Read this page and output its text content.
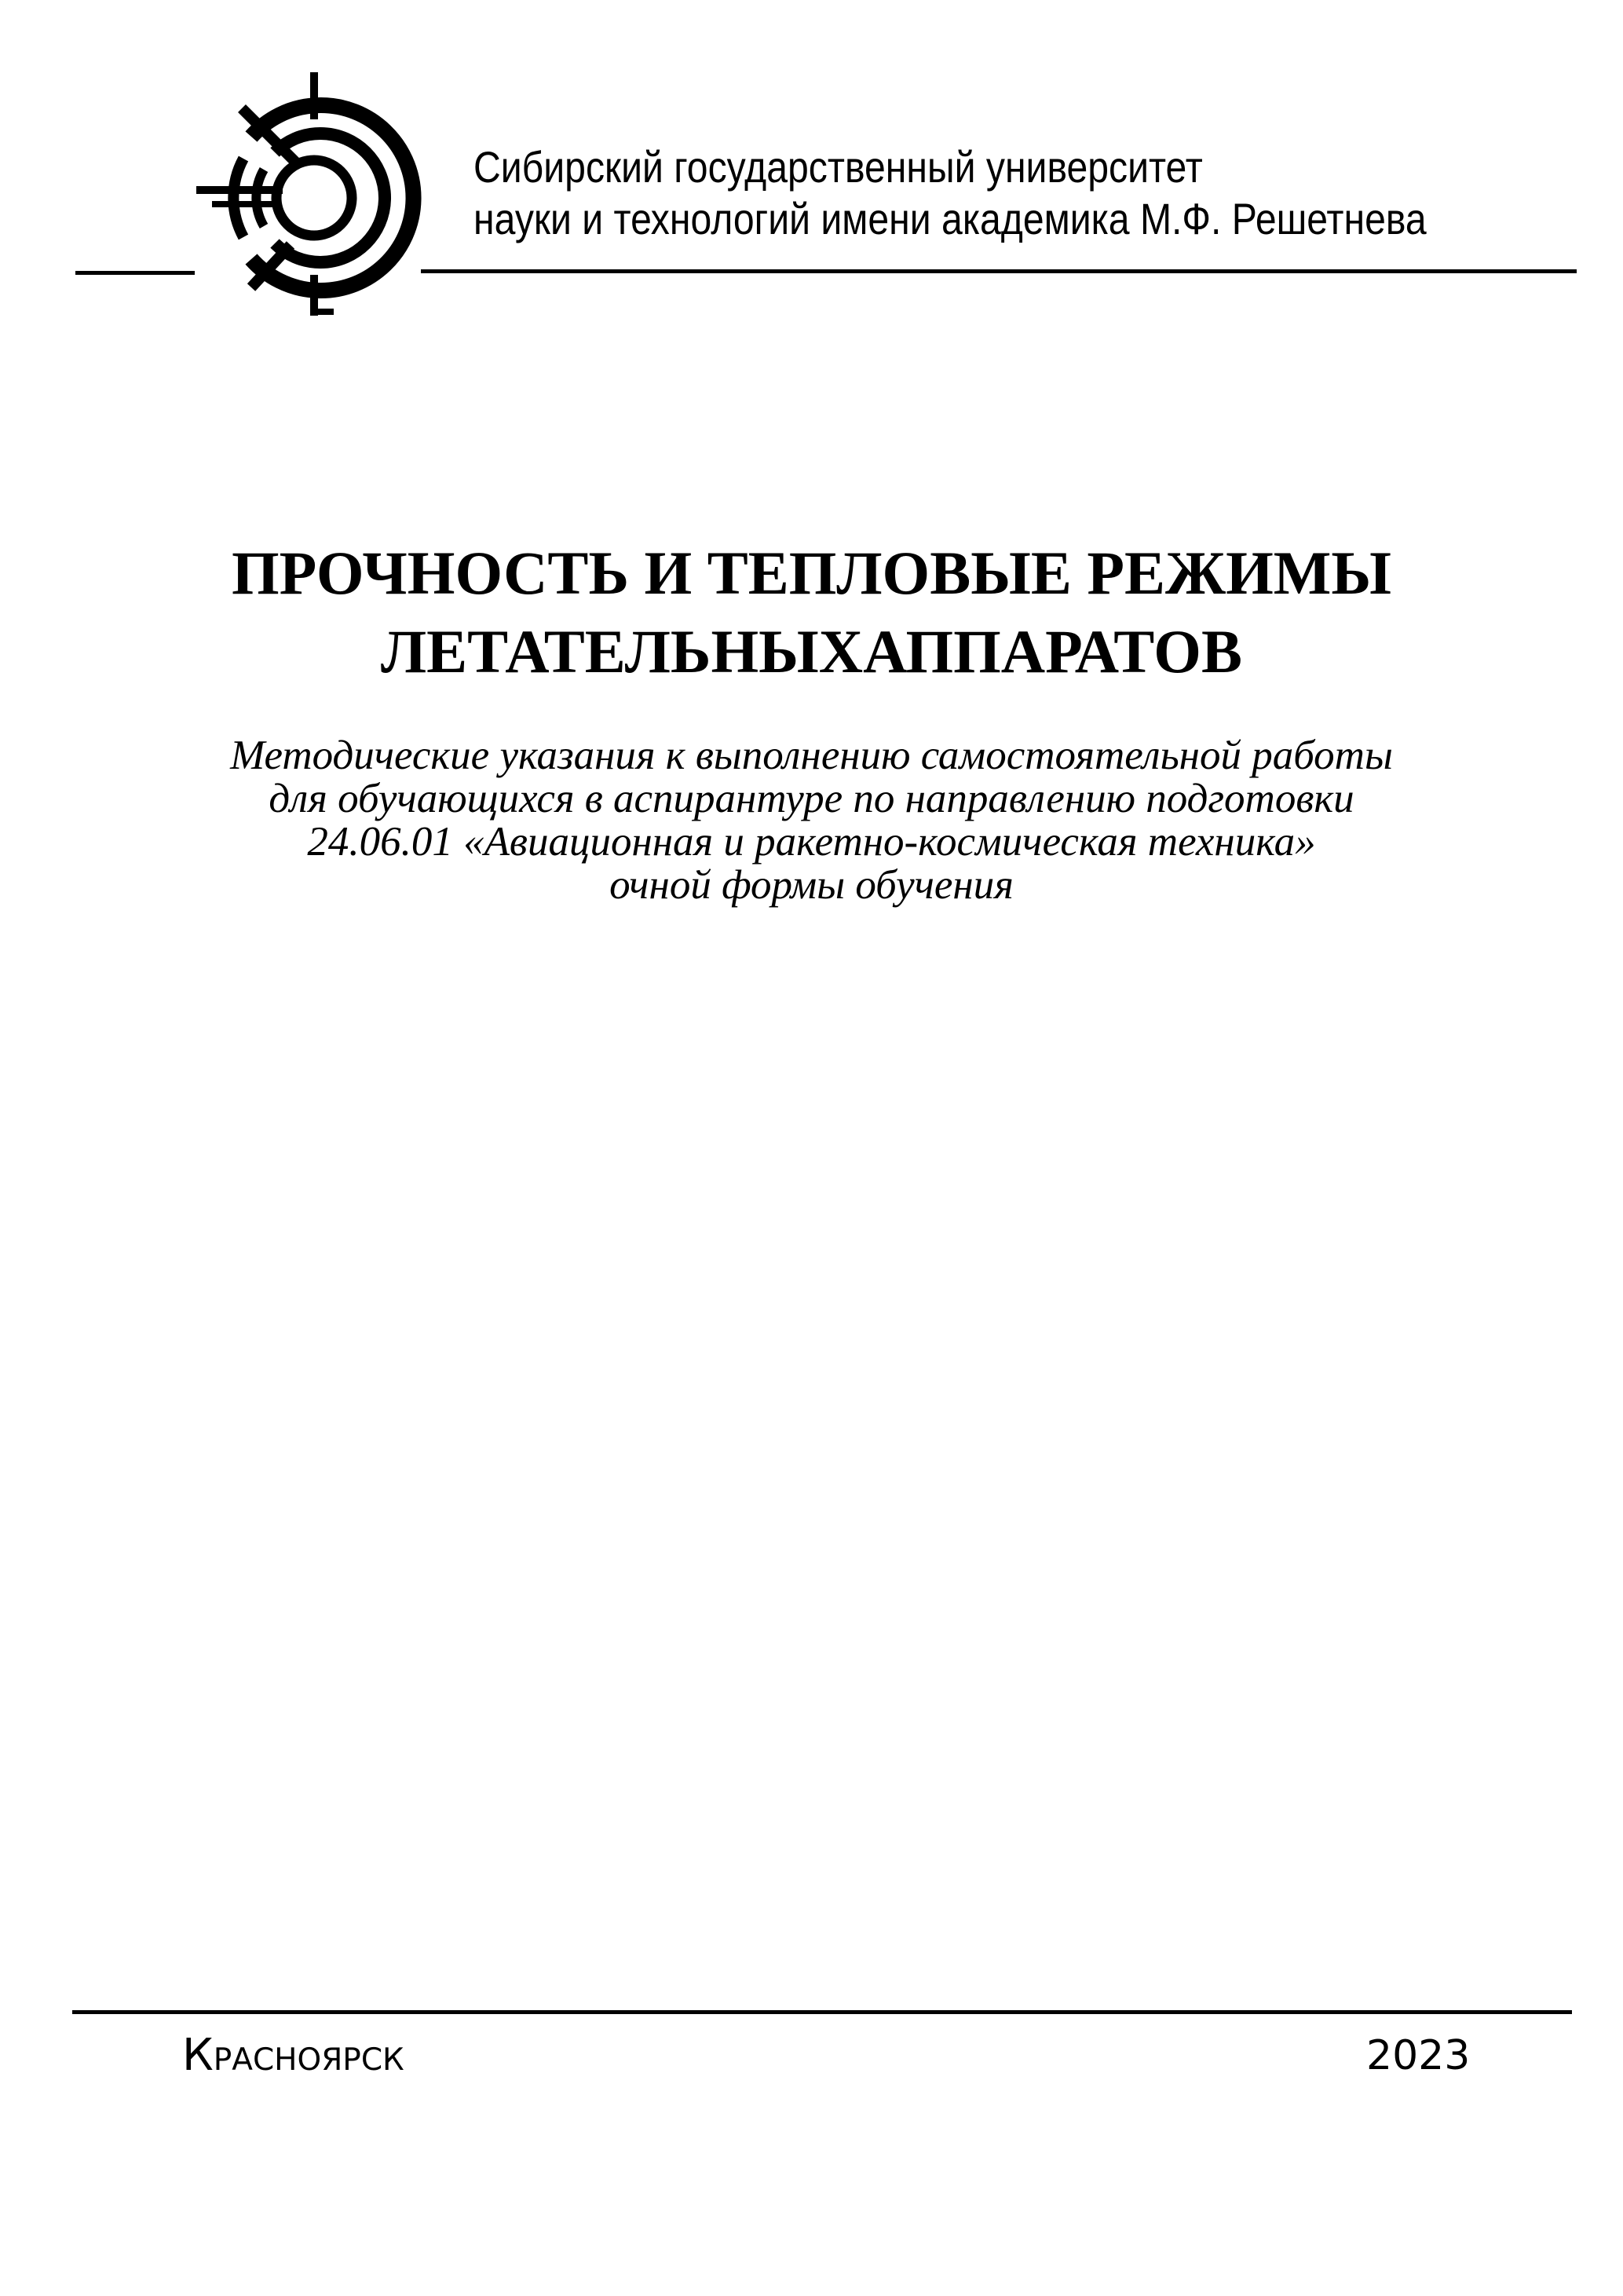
Сибирский государственный университет
науки и технологий имени академика М.Ф. Решетнева
ПРОЧНОСТЬ И ТЕПЛОВЫЕ РЕЖИМЫ
ЛЕТАТЕЛЬНЫХАППАРАТОВ
Методические указания к выполнению самостоятельной работы
для обучающихся в аспирантуре по направлению подготовки
24.06.01 «Авиационная и ракетно-космическая техника»
очной формы обучения
Красноярск	2023
